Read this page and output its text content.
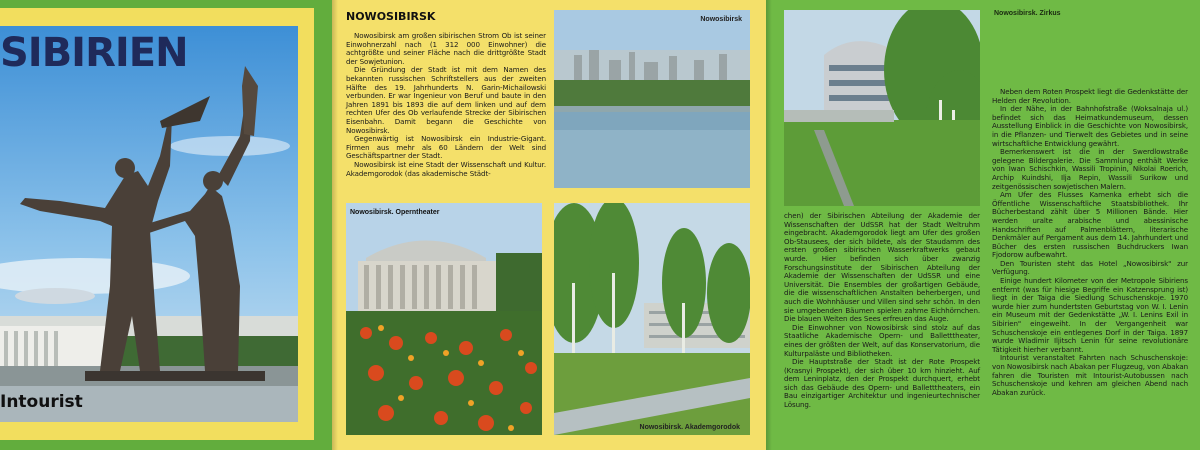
SIBIRIEN
Intourist
NOWOSIBIRSK

Nowosibirsk am großen sibirischen Strom Ob ist seiner Einwohnerzahl nach (1 312 000 Einwohner) die achtgrößte und seiner Fläche nach die drittgrößte Stadt der Sowjetunion.

Die Gründung der Stadt ist mit dem Namen des bekannten russischen Schriftstellers aus der zweiten Hälfte des 19. Jahrhunderts N. Garin-Michailowski verbunden. Er war Ingenieur von Beruf und baute in den Jahren 1891 bis 1893 die auf dem linken und auf dem rechten Ufer des Ob verlaufende Strecke der Sibirischen Eisenbahn. Damit begann die Geschichte von Nowosibirsk.

Gegenwärtig ist Nowosibirsk ein Industrie-Gigant. Firmen aus mehr als 60 Ländern der Welt sind Geschäftspartner der Stadt.

Nowosibirsk ist eine Stadt der Wissenschaft und Kultur. Akademgorodok (das akademische Städt-

Nowosibirsk
Nowosibirsk. Operntheater
Nowosibirsk. Akademgorodok
Nowosibirsk. Zirkus

chen) der Sibirischen Abteilung der Akademie der Wissenschaften der UdSSR hat der Stadt Weltruhm eingebracht. Akademgorodok liegt am Ufer des großen Ob-Stausees, der sich bildete, als der Staudamm des ersten großen sibirischen Wasserkraftwerks gebaut wurde. Hier befinden sich über zwanzig Forschungsinstitute der Sibirischen Abteilung der Akademie der Wissenschaften der UdSSR und eine Universität. Die Ensembles der großartigen Gebäude, die die wissenschaftlichen Anstalten beherbergen, und auch die Wohnhäuser und Villen sind sehr schön. In den sie umgebenden Bäumen spielen zahme Eichhörnchen. Die blauen Weiten des Sees erfreuen das Auge.

Die Einwohner von Nowosibirsk sind stolz auf das Staatliche Akademische Opern- und Balletttheater, eines der größten der Welt, auf das Konservatorium, die Kulturpaläste und Bibliotheken.

Die Hauptstraße der Stadt ist der Rote Prospekt (Krasnyi Prospekt), der sich über 10 km hinzieht. Auf dem Leninplatz, den der Prospekt durchquert, erhebt sich das Gebäude des Opern- und Balletttheaters, ein Bau einzigartiger Architektur und ingenieurtechnischer Lösung.

Neben dem Roten Prospekt liegt die Gedenkstätte der Helden der Revolution.

In der Nähe, in der Bahnhofstraße (Woksalnaja ul.) befindet sich das Heimatkundemuseum, dessen Ausstellung Einblick in die Geschichte von Nowosibirsk, in die Pflanzen- und Tierwelt des Gebietes und in seine wirtschaftliche Entwicklung gewährt.

Bemerkenswert ist die in der Swerdlowstraße gelegene Bildergalerie. Die Sammlung enthält Werke von Iwan Schischkin, Wassili Tropinin, Nikolai Roerich, Archip Kuindshi, Ilja Repin, Wassili Surikow und zeitgenössischen sowjetischen Malern.

Am Ufer des Flusses Kamenka erhebt sich die Öffentliche Wissenschaftliche Staatsbibliothek. Ihr Bücherbestand zählt über 5 Millionen Bände. Hier werden uralte arabische und abessinische Handschriften auf Palmenblättern, literarische Denkmäler auf Pergament aus dem 14. Jahrhundert und Bücher des ersten russischen Buchdruckers Iwan Fjodorow aufbewahrt.

Den Touristen steht das Hotel „Nowosibirsk" zur Verfügung.

Einige hundert Kilometer von der Metropole Sibiriens entfernt (was für hiesige Begriffe ein Katzensprung ist) liegt in der Taiga die Siedlung Schuschenskoje. 1970 wurde hier zum hundertsten Geburtstag von W. I. Lenin ein Museum mit der Gedenkstätte „W. I. Lenins Exil in Sibirien" eingeweiht. In der Vergangenheit war Schuschenskoje ein entlegenes Dorf in der Taiga. 1897 wurde Wladimir Iljitsch Lenin für seine revolutionäre Tätigkeit hierher verbannt.

Intourist veranstaltet Fahrten nach Schuschenskoje: von Nowosibirsk nach Abakan per Flugzeug, von Abakan fahren die Touristen mit Intourist-Autobussen nach Schuschenskoje und kehren am gleichen Abend nach Abakan zurück.
